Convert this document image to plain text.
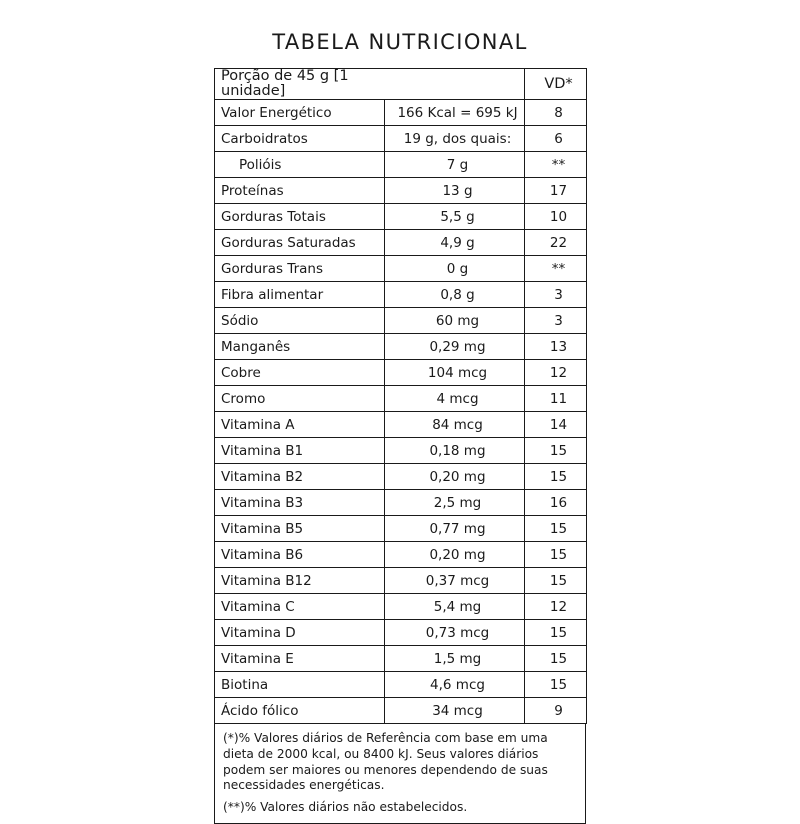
TABELA NUTRICIONAL
Porção de 45 g [1 unidade]		VD*
Valor Energético	166 Kcal = 695 kJ	8
Carboidratos	19 g, dos quais:	6
Polióis	7 g	**
Proteínas	13 g	17
Gorduras Totais	5,5 g	10
Gorduras Saturadas	4,9 g	22
Gorduras Trans	0 g	**
Fibra alimentar	0,8 g	3
Sódio	60 mg	3
Manganês	0,29 mg	13
Cobre	104 mcg	12
Cromo	4 mcg	11
Vitamina A	84 mcg	14
Vitamina B1	0,18 mg	15
Vitamina B2	0,20 mg	15
Vitamina B3	2,5 mg	16
Vitamina B5	0,77 mg	15
Vitamina B6	0,20 mg	15
Vitamina B12	0,37 mcg	15
Vitamina C	5,4 mg	12
Vitamina D	0,73 mcg	15
Vitamina E	1,5 mg	15
Biotina	4,6 mcg	15
Ácido fólico	34 mcg	9

(*)% Valores diários de Referência com base em uma dieta de 2000 kcal, ou 8400 kJ. Seus valores diários podem ser maiores ou menores dependendo de suas necessidades energéticas.

(**)% Valores diários não estabelecidos.
